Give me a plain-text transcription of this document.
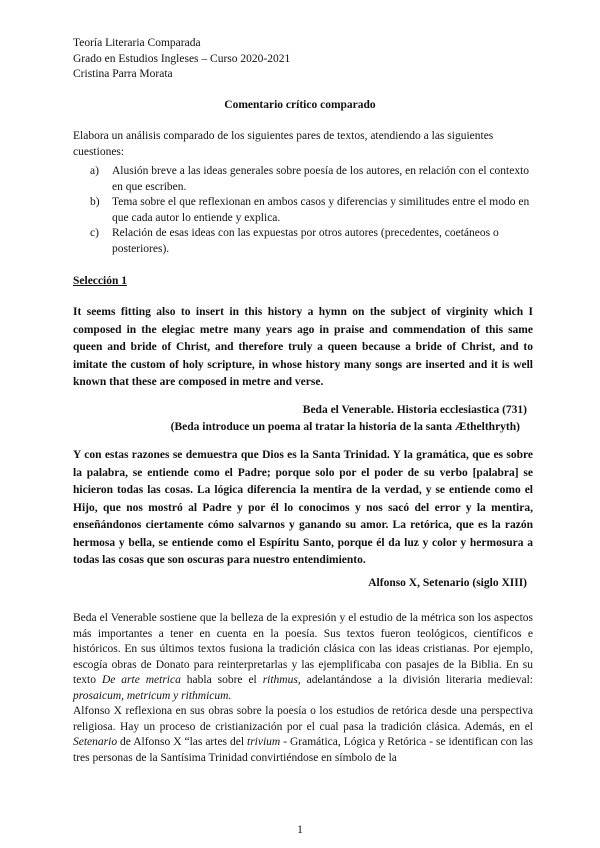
Teoría Literaria Comparada
Grado en Estudios Ingleses – Curso 2020-2021
Cristina Parra Morata
Comentario crítico comparado
Elabora un análisis comparado de los siguientes pares de textos, atendiendo a las siguientes cuestiones:
a) Alusión breve a las ideas generales sobre poesía de los autores, en relación con el contexto en que escriben.
b) Tema sobre el que reflexionan en ambos casos y diferencias y similitudes entre el modo en que cada autor lo entiende y explica.
c) Relación de esas ideas con las expuestas por otros autores (precedentes, coetáneos o posteriores).
Selección 1
It seems fitting also to insert in this history a hymn on the subject of virginity which I composed in the elegiac metre many years ago in praise and commendation of this same queen and bride of Christ, and therefore truly a queen because a bride of Christ, and to imitate the custom of holy scripture, in whose history many songs are inserted and it is well known that these are composed in metre and verse.
Beda el Venerable. Historia ecclesiastica (731)
(Beda introduce un poema al tratar la historia de la santa Æthelthryth)
Y con estas razones se demuestra que Dios es la Santa Trinidad. Y la gramática, que es sobre la palabra, se entiende como el Padre; porque solo por el poder de su verbo [palabra] se hicieron todas las cosas. La lógica diferencia la mentira de la verdad, y se entiende como el Hijo, que nos mostró al Padre y por él lo conocimos y nos sacó del error y la mentira, enseñándonos ciertamente cómo salvarnos y ganando su amor. La retórica, que es la razón hermosa y bella, se entiende como el Espíritu Santo, porque él da luz y color y hermosura a todas las cosas que son oscuras para nuestro entendimiento.
Alfonso X, Setenario (siglo XIII)

Beda el Venerable sostiene que la belleza de la expresión y el estudio de la métrica son los aspectos más importantes a tener en cuenta en la poesía. Sus textos fueron teológicos, científicos e históricos. En sus últimos textos fusiona la tradición clásica con las ideas cristianas. Por ejemplo, escogía obras de Donato para reinterpretarlas y las ejemplificaba con pasajes de la Biblia. En su texto De arte metrica habla sobre el rithmus, adelantándose a la división literaria medieval: prosaicum, metricum y rithmicum.

Alfonso X reflexiona en sus obras sobre la poesía o los estudios de retórica desde una perspectiva religiosa. Hay un proceso de cristianización por el cual pasa la tradición clásica. Además, en el Setenario de Alfonso X “las artes del trivium - Gramática, Lógica y Retórica - se identifican con las tres personas de la Santísima Trinidad convirtiéndose en símbolo de la

1
